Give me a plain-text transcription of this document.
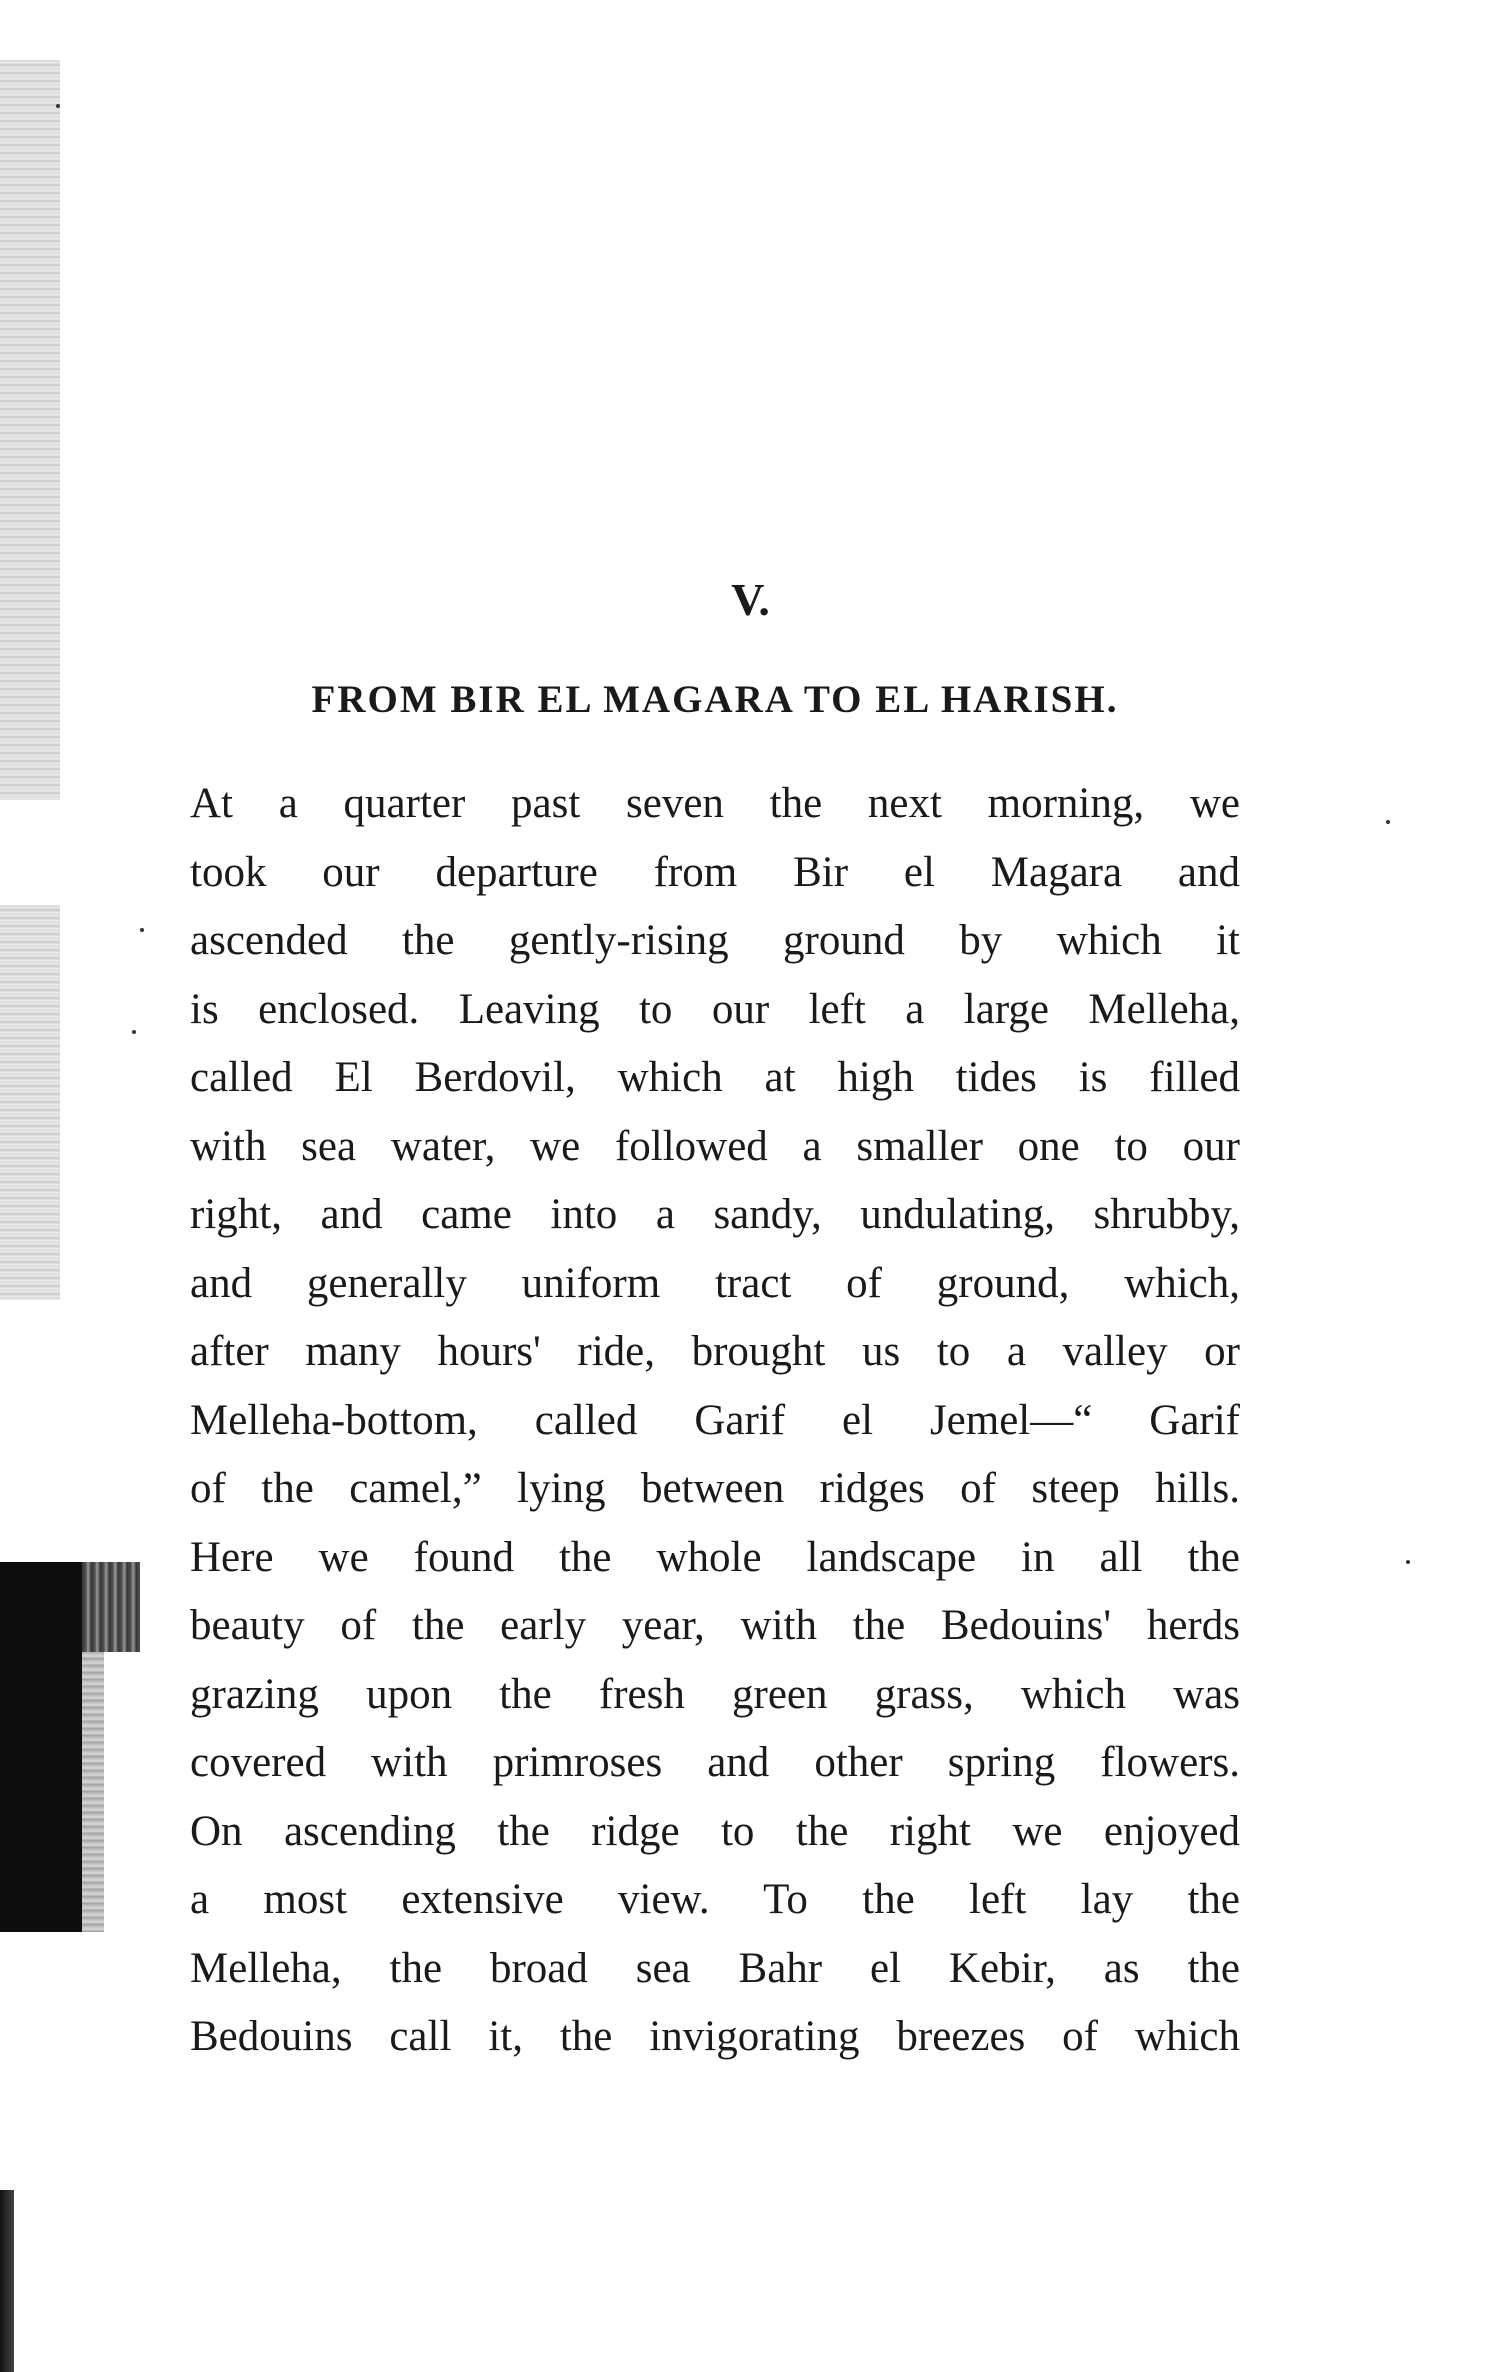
V.
FROM BIR EL MAGARA TO EL HARISH.
At a quarter past seven the next morning, we
took our departure from Bir el Magara and
ascended the gently-rising ground by which it
is enclosed. Leaving to our left a large Melleha,
called El Berdovil, which at high tides is filled
with sea water, we followed a smaller one to our
right, and came into a sandy, undulating, shrubby,
and generally uniform tract of ground, which,
after many hours' ride, brought us to a valley or
Melleha-bottom, called Garif el Jemel—“ Garif
of the camel,” lying between ridges of steep hills.
Here we found the whole landscape in all the
beauty of the early year, with the Bedouins' herds
grazing upon the fresh green grass, which was
covered with primroses and other spring flowers.
On ascending the ridge to the right we enjoyed
a most extensive view. To the left lay the
Melleha, the broad sea Bahr el Kebir, as the
Bedouins call it, the invigorating breezes of which
